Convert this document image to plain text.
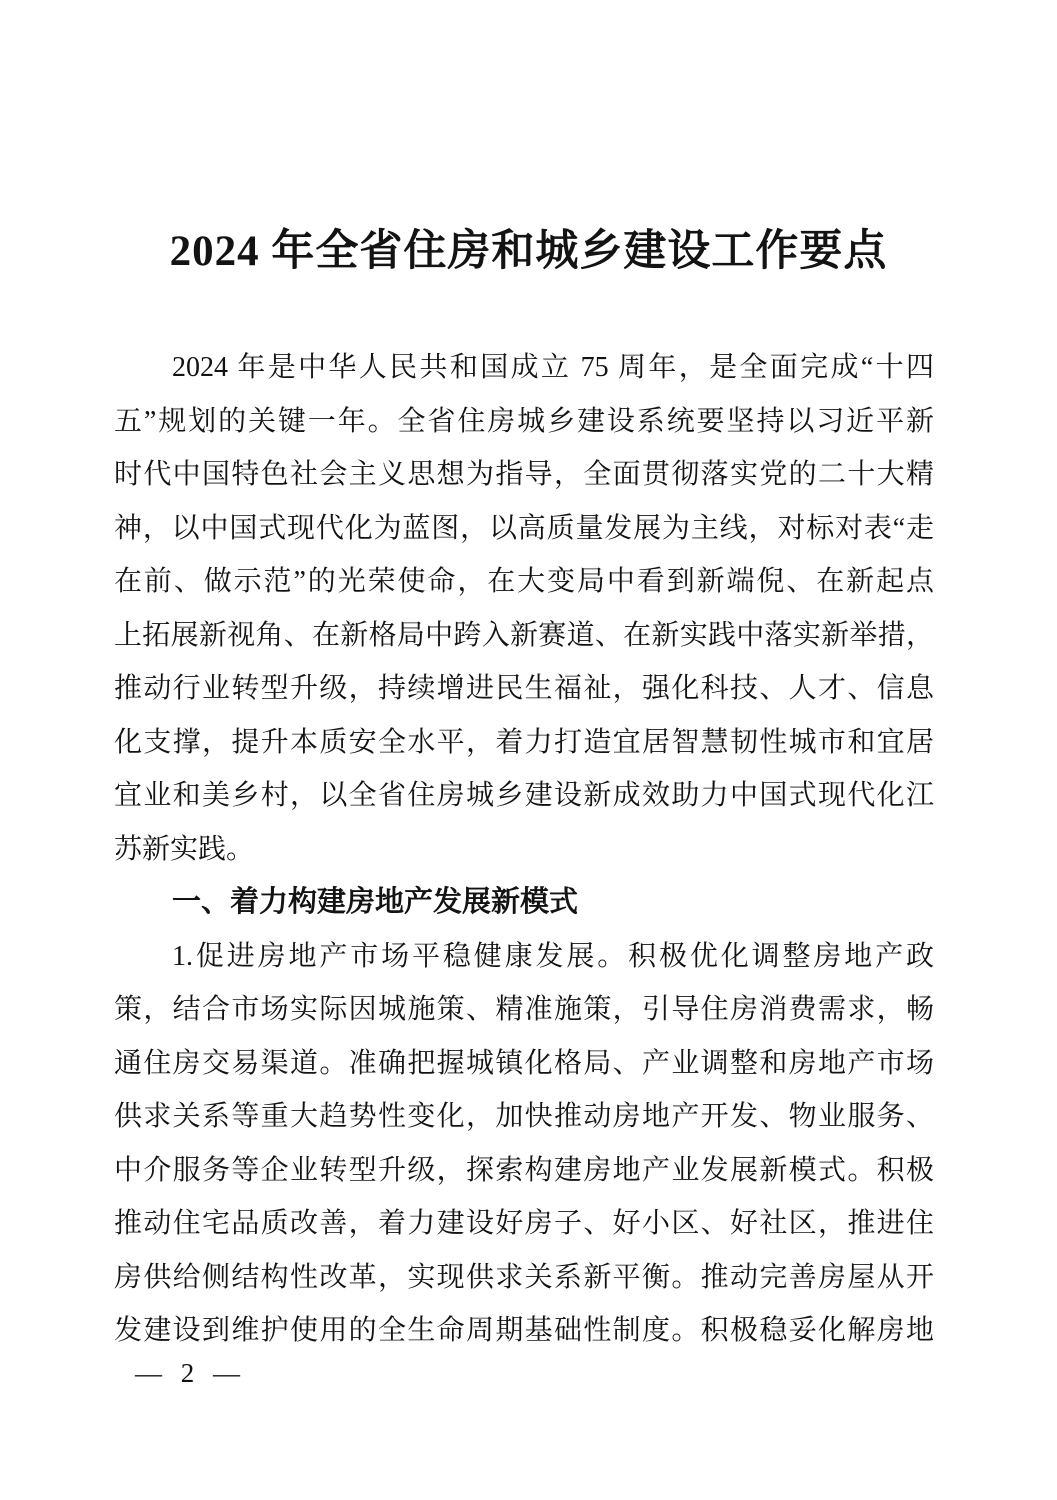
2024 年全省住房和城乡建设工作要点

2024 年是中华人民共和国成立 75 周年，是全面完成“十四

五”规划的关键一年。全省住房城乡建设系统要坚持以习近平新

时代中国特色社会主义思想为指导，全面贯彻落实党的二十大精

神，以中国式现代化为蓝图，以高质量发展为主线，对标对表“走

在前、做示范”的光荣使命，在大变局中看到新端倪、在新起点

上拓展新视角、在新格局中跨入新赛道、在新实践中落实新举措，

推动行业转型升级，持续增进民生福祉，强化科技、人才、信息

化支撑，提升本质安全水平，着力打造宜居智慧韧性城市和宜居

宜业和美乡村，以全省住房城乡建设新成效助力中国式现代化江

苏新实践。

一、着力构建房地产发展新模式

1.促进房地产市场平稳健康发展。积极优化调整房地产政

策，结合市场实际因城施策、精准施策，引导住房消费需求，畅

通住房交易渠道。准确把握城镇化格局、产业调整和房地产市场

供求关系等重大趋势性变化，加快推动房地产开发、物业服务、

中介服务等企业转型升级，探索构建房地产业发展新模式。积极

推动住宅品质改善，着力建设好房子、好小区、好社区，推进住

房供给侧结构性改革，实现供求关系新平衡。推动完善房屋从开

发建设到维护使用的全生命周期基础性制度。积极稳妥化解房地

— 2 —
